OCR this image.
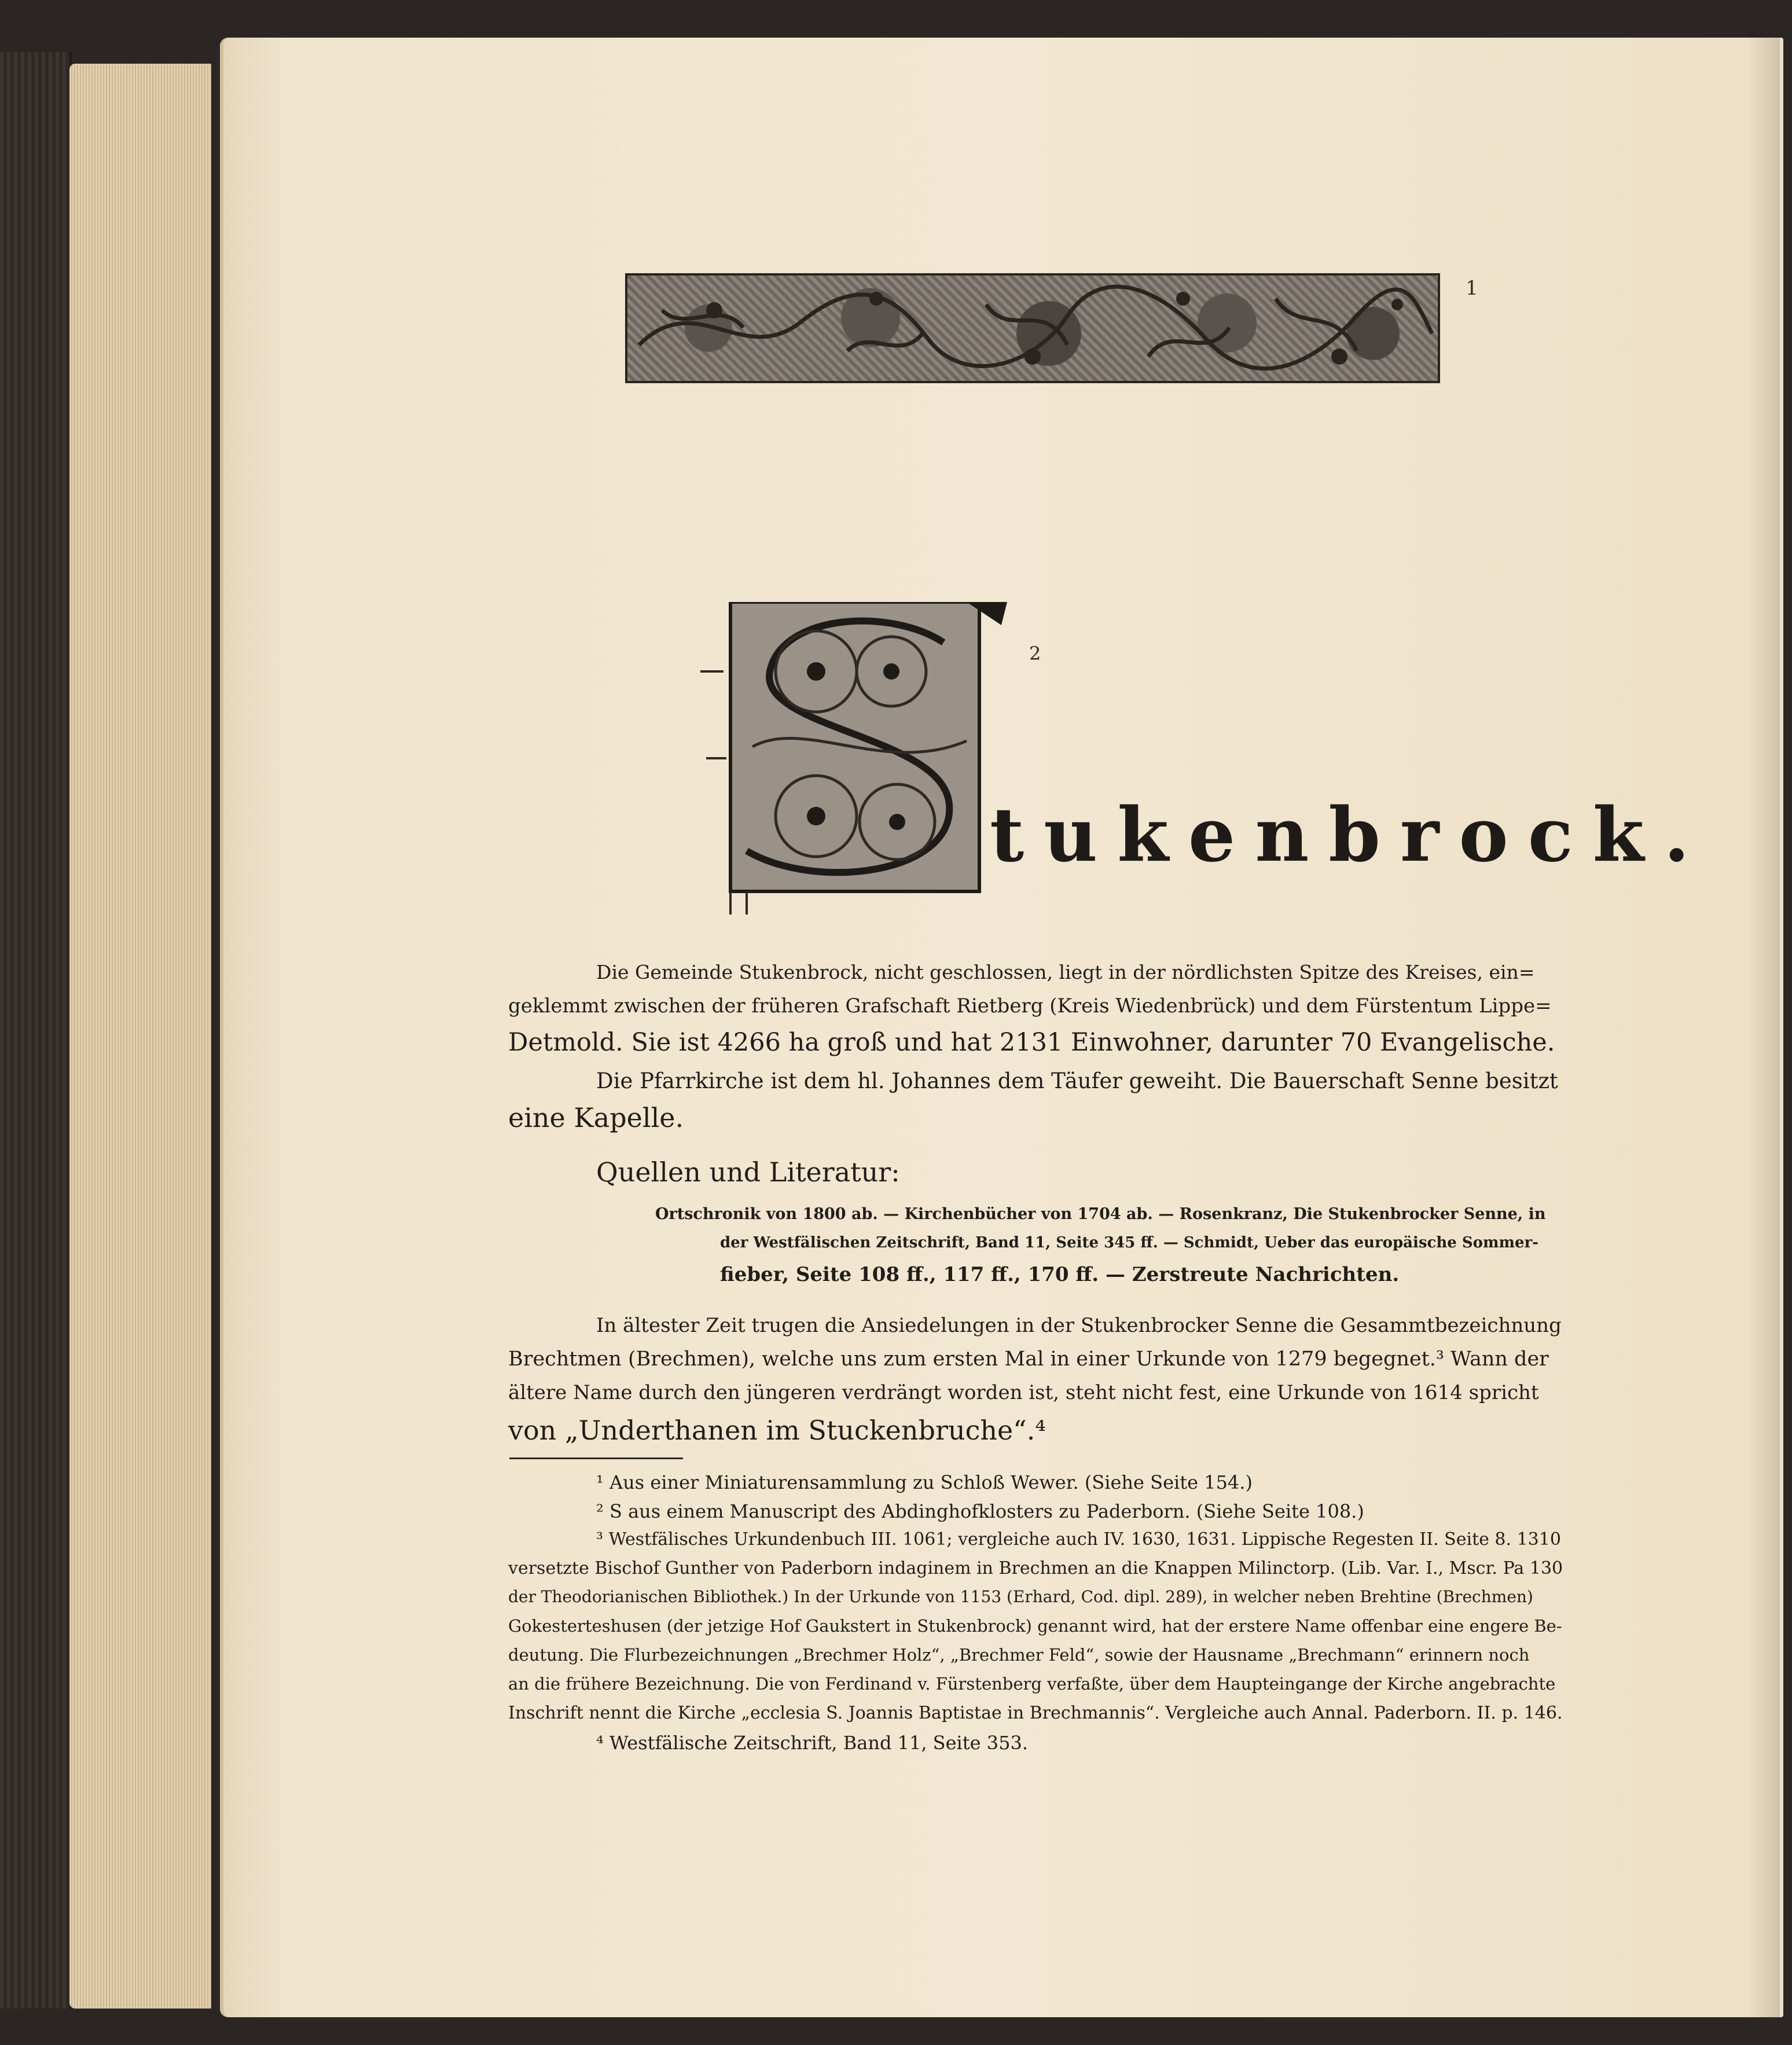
1
2
tukenbrock.
Die Gemeinde Stukenbrock, nicht geschlossen, liegt in der nördlichsten Spitze des Kreises, ein=
geklemmt zwischen der früheren Grafschaft Rietberg (Kreis Wiedenbrück) und dem Fürstentum Lippe=
Detmold. Sie ist 4266 ha groß und hat 2131 Einwohner, darunter 70 Evangelische.
Die Pfarrkirche ist dem hl. Johannes dem Täufer geweiht. Die Bauerschaft Senne besitzt
eine Kapelle.
Quellen und Literatur:
Ortschronik von 1800 ab. — Kirchenbücher von 1704 ab. — Rosenkranz, Die Stukenbrocker Senne, in
der Westfälischen Zeitschrift, Band 11, Seite 345 ff. — Schmidt, Ueber das europäische Sommer-
fieber, Seite 108 ff., 117 ff., 170 ff. — Zerstreute Nachrichten.
In ältester Zeit trugen die Ansiedelungen in der Stukenbrocker Senne die Gesammtbezeichnung
Brechtmen (Brechmen), welche uns zum ersten Mal in einer Urkunde von 1279 begegnet.³ Wann der
ältere Name durch den jüngeren verdrängt worden ist, steht nicht fest, eine Urkunde von 1614 spricht
von „Underthanen im Stuckenbruche“.⁴
¹ Aus einer Miniaturensammlung zu Schloß Wewer. (Siehe Seite 154.)
² S aus einem Manuscript des Abdinghofklosters zu Paderborn. (Siehe Seite 108.)
³ Westfälisches Urkundenbuch III. 1061; vergleiche auch IV. 1630, 1631. Lippische Regesten II. Seite 8. 1310
versetzte Bischof Gunther von Paderborn indaginem in Brechmen an die Knappen Milinctorp. (Lib. Var. I., Mscr. Pa 130
der Theodorianischen Bibliothek.) In der Urkunde von 1153 (Erhard, Cod. dipl. 289), in welcher neben Brehtine (Brechmen)
Gokesterteshusen (der jetzige Hof Gaukstert in Stukenbrock) genannt wird, hat der erstere Name offenbar eine engere Be-
deutung. Die Flurbezeichnungen „Brechmer Holz“, „Brechmer Feld“, sowie der Hausname „Brechmann“ erinnern noch
an die frühere Bezeichnung. Die von Ferdinand v. Fürstenberg verfaßte, über dem Haupteingange der Kirche angebrachte
Inschrift nennt die Kirche „ecclesia S. Joannis Baptistae in Brechmannis“. Vergleiche auch Annal. Paderborn. II. p. 146.
⁴ Westfälische Zeitschrift, Band 11, Seite 353.
